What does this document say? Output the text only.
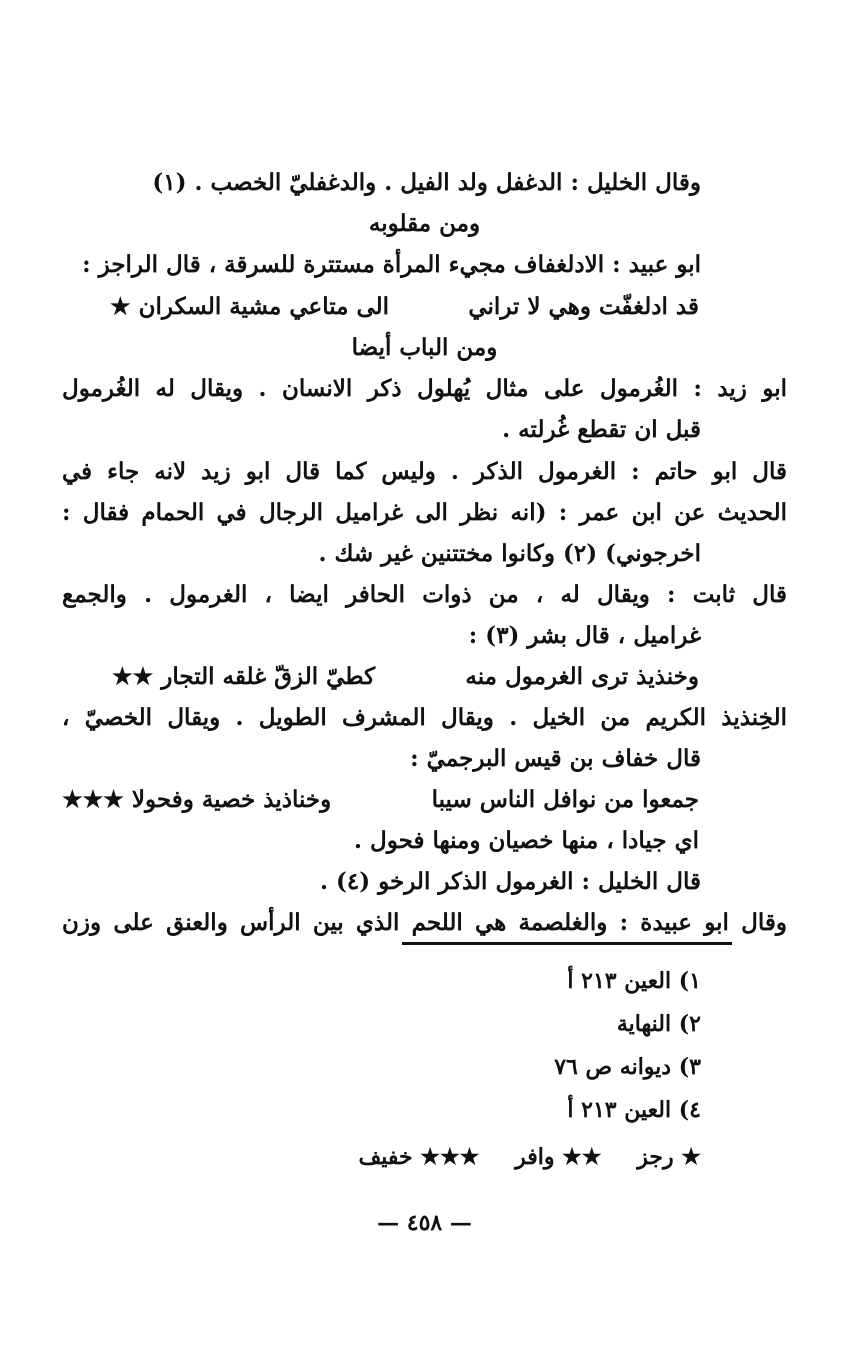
وقال الخليل : الدغفل ولد الفيل . والدغفليّ الخصب . (١)
ومن مقلوبه
ابو عبيد : الادلغفاف مجيء المرأة مستترة للسرقة ، قال الراجز :
قد ادلغفّت وهي لا تراني
الى متاعي مشية السكران ★
ومن الباب أيضا
ابو زيد : الغُرمول على مثال يُهلول ذكر الانسان . ويقال له الغُرمول
قبل ان تقطع غُرلته .
قال ابو حاتم : الغرمول الذكر . وليس كما قال ابو زيد لانه جاء في
الحديث عن ابن عمر : (انه نظر الى غراميل الرجال في الحمام فقال :
اخرجوني) (٢) وكانوا مختتنين غير شك .
قال ثابت : ويقال له ، من ذوات الحافر ايضا ، الغرمول . والجمع
غراميل ، قال بشر (٣) :
وخنذيذ ترى الغرمول منه
كطيّ الزقّ غلقه التجار ★★
الخِنذيذ الكريم من الخيل . ويقال المشرف الطويل . ويقال الخصيّ ،
قال خفاف بن قيس البرجميّ :
جمعوا من نوافل الناس سيبا
وخناذيذ خصية وفحولا ★★★
اي جيادا ، منها خصيان ومنها فحول .
قال الخليل : الغرمول الذكر الرخو (٤) .
وقال ابو عبيدة : والغلصمة هي اللحم الذي بين الرأس والعنق على وزن
١) العين ٢١٣ أ
٢) النهاية
٣) ديوانه ص ٧٦
٤) العين ٢١٣ أ
★ رجز ★★ وافر ★★★ خفيف
— ٤٥٨ —
